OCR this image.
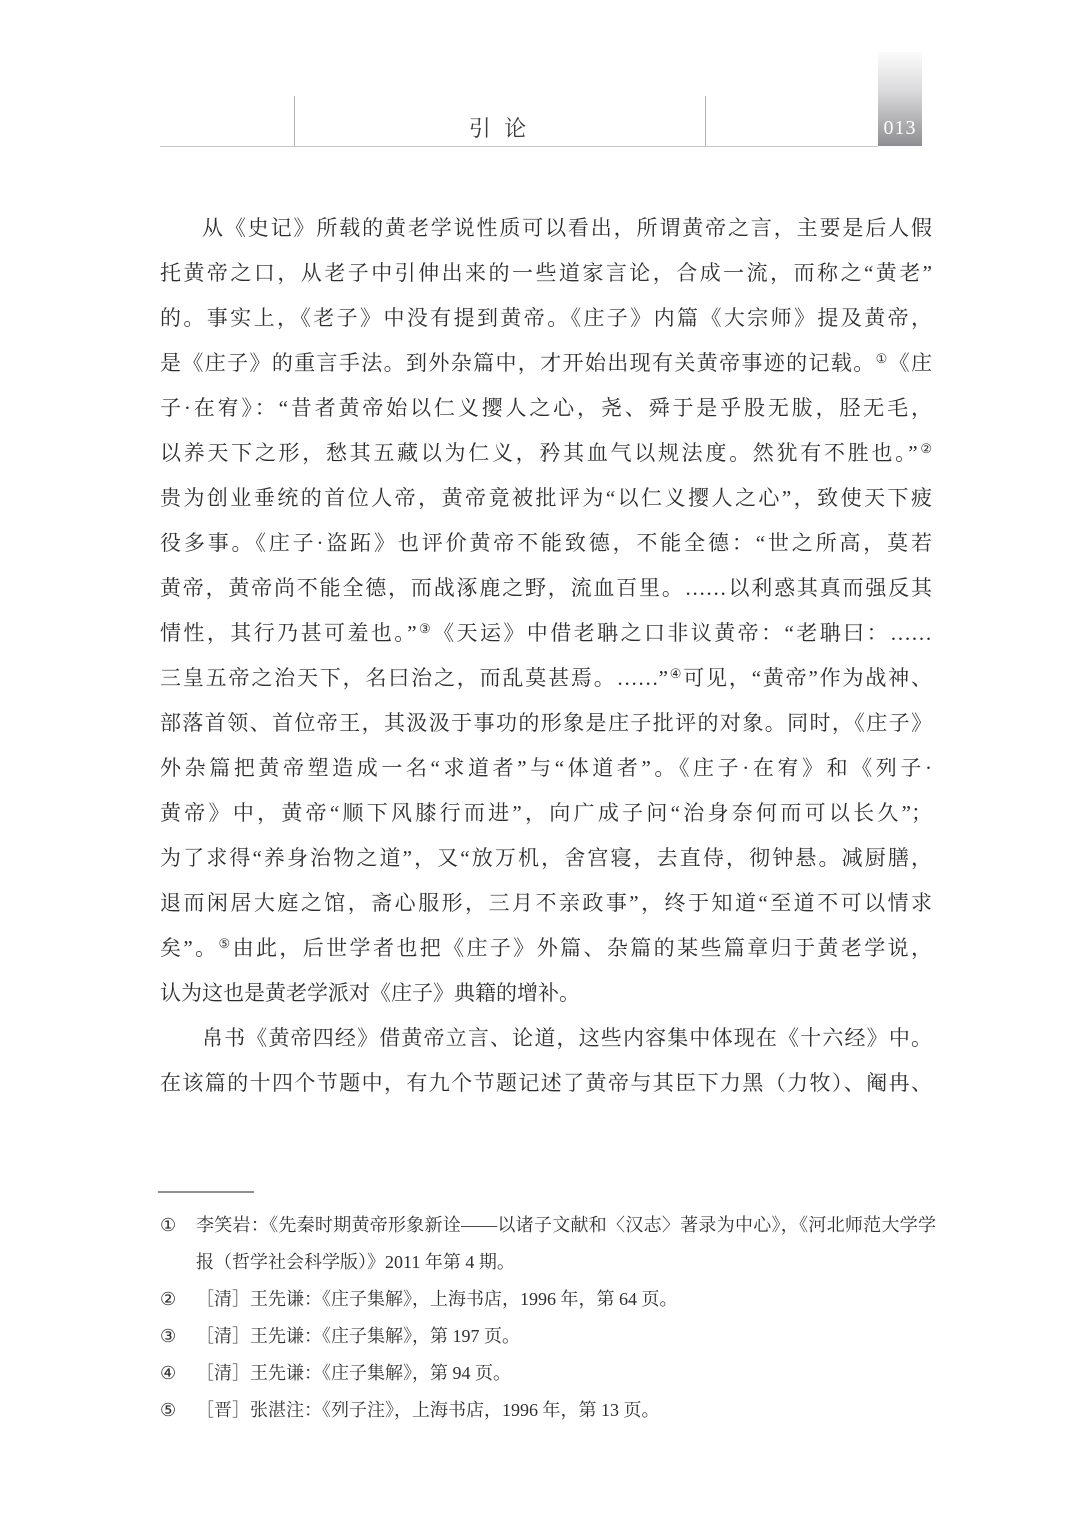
引 论	013
从《史记》所载的黄老学说性质可以看出，所谓黄帝之言，主要是后人假
托黄帝之口，从老子中引伸出来的一些道家言论，合成一流，而称之“黄老”
的。事实上，《老子》中没有提到黄帝。《庄子》内篇《大宗师》提及黄帝，
是《庄子》的重言手法。到外杂篇中，才开始出现有关黄帝事迹的记载。①《庄
子·在宥》：“昔者黄帝始以仁义撄人之心，尧、舜于是乎股无胈，胫无毛，
以养天下之形，愁其五藏以为仁义，矜其血气以规法度。然犹有不胜也。”②
贵为创业垂统的首位人帝，黄帝竟被批评为“以仁义撄人之心”，致使天下疲
役多事。《庄子·盗跖》也评价黄帝不能致德，不能全德：“世之所高，莫若
黄帝，黄帝尚不能全德，而战涿鹿之野，流血百里。……以利惑其真而强反其
情性，其行乃甚可羞也。”③《天运》中借老聃之口非议黄帝：“老聃曰：……
三皇五帝之治天下，名曰治之，而乱莫甚焉。……”④可见，“黄帝”作为战神、
部落首领、首位帝王，其汲汲于事功的形象是庄子批评的对象。同时，《庄子》
外杂篇把黄帝塑造成一名“求道者”与“体道者”。《庄子·在宥》和《列子·
黄帝》中，黄帝“顺下风膝行而进”，向广成子问“治身奈何而可以长久”；
为了求得“养身治物之道”，又“放万机，舍宫寝，去直侍，彻钟悬。减厨膳，
退而闲居大庭之馆，斋心服形，三月不亲政事”，终于知道“至道不可以情求
矣”。⑤由此，后世学者也把《庄子》外篇、杂篇的某些篇章归于黄老学说，
认为这也是黄老学派对《庄子》典籍的增补。
帛书《黄帝四经》借黄帝立言、论道，这些内容集中体现在《十六经》中。
在该篇的十四个节题中，有九个节题记述了黄帝与其臣下力黑（力牧）、阉冉、
①	李笑岩：《先秦时期黄帝形象新诠——以诸子文献和〈汉志〉著录为中心》，《河北师范大学学报（哲学社会科学版）》2011 年第 4 期。
②	［清］王先谦：《庄子集解》，上海书店，1996 年，第 64 页。
③	［清］王先谦：《庄子集解》，第 197 页。
④	［清］王先谦：《庄子集解》，第 94 页。
⑤	［晋］张湛注：《列子注》，上海书店，1996 年，第 13 页。
